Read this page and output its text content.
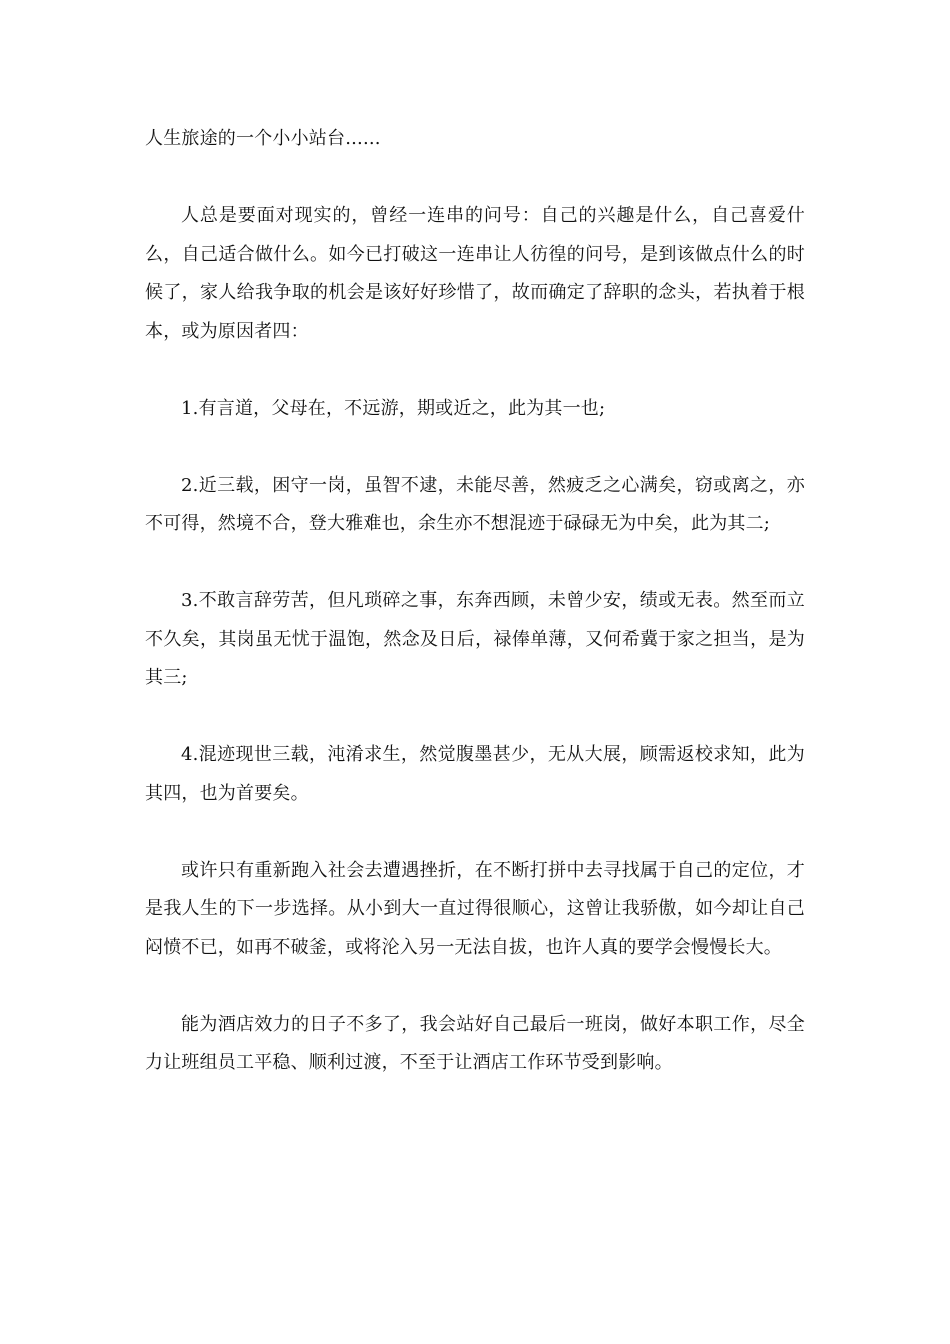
人生旅途的一个小小站台......

人总是要面对现实的，曾经一连串的问号：自己的兴趣是什么，自己喜爱什么，自己适合做什么。如今已打破这一连串让人彷徨的问号，是到该做点什么的时候了，家人给我争取的机会是该好好珍惜了，故而确定了辞职的念头，若执着于根本，或为原因者四：

1.有言道，父母在，不远游，期或近之，此为其一也;

2.近三载，困守一岗，虽智不逮，未能尽善，然疲乏之心满矣，窃或离之，亦不可得，然境不合，登大雅难也，余生亦不想混迹于碌碌无为中矣，此为其二;

3.不敢言辞劳苦，但凡琐碎之事，东奔西顾，未曾少安，绩或无表。然至而立不久矣，其岗虽无忧于温饱，然念及日后，禄俸单薄，又何希冀于家之担当，是为其三;

4.混迹现世三载，沌淆求生，然觉腹墨甚少，无从大展，顾需返校求知，此为其四，也为首要矣。

或许只有重新跑入社会去遭遇挫折，在不断打拼中去寻找属于自己的定位，才是我人生的下一步选择。从小到大一直过得很顺心，这曾让我骄傲，如今却让自己闷愤不已，如再不破釜，或将沦入另一无法自拔，也许人真的要学会慢慢长大。

能为酒店效力的日子不多了，我会站好自己最后一班岗，做好本职工作，尽全力让班组员工平稳、顺利过渡，不至于让酒店工作环节受到影响。
